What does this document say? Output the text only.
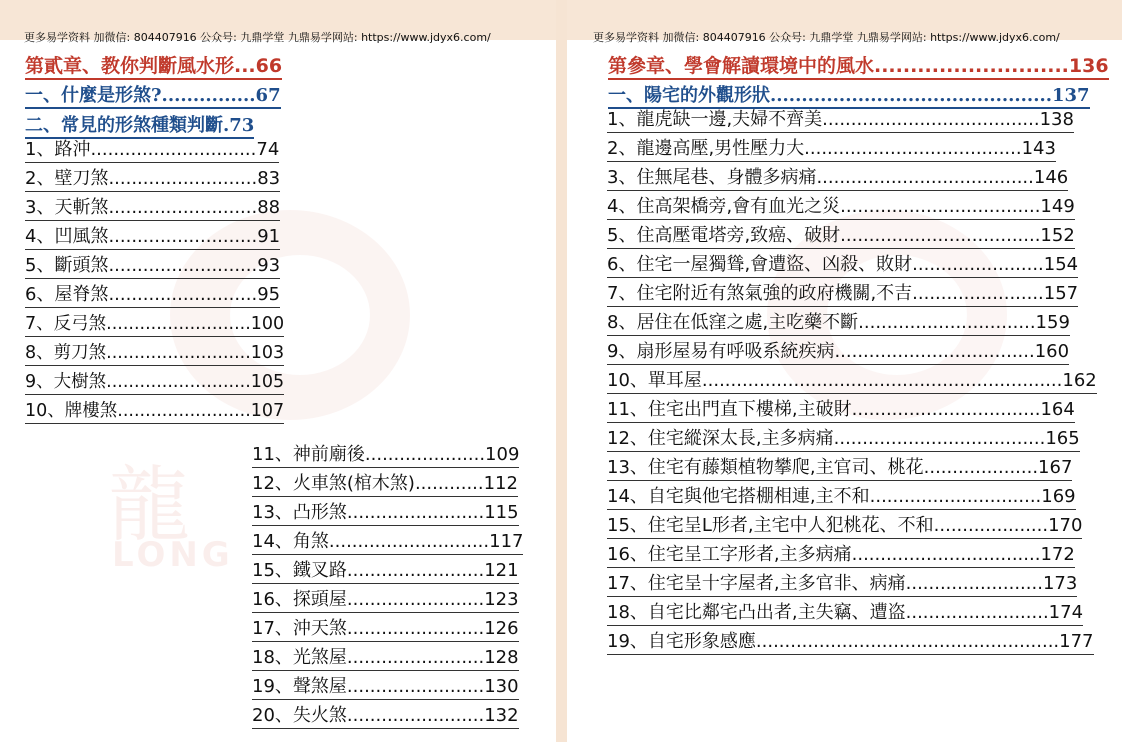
龍
LONG
更多易学资料 加微信: 804407916 公众号: 九鼎学堂 九鼎易学网站: https://www.jdyx6.com/
第貳章、教你判斷風水形...66
一、什麼是形煞?...............67
二、常見的形煞種類判斷.73
1、路沖.............................74
2、壁刀煞..........................83
3、天斬煞..........................88
4、凹風煞..........................91
5、斷頭煞..........................93
6、屋脊煞..........................95
7、反弓煞..........................100
8、剪刀煞..........................103
9、大樹煞..........................105
10、牌樓煞........................107
11、神前廟後.....................109
12、火車煞(棺木煞)............112
13、凸形煞........................115
14、角煞............................117
15、鐵叉路........................121
16、探頭屋........................123
17、沖天煞........................126
18、光煞屋........................128
19、聲煞屋........................130
20、失火煞........................132
更多易学资料 加微信: 804407916 公众号: 九鼎学堂 九鼎易学网站: https://www.jdyx6.com/
第參章、學會解讀環境中的風水...........................136
一、陽宅的外觀形狀.............................................137
1、龍虎缺一邊,夫婦不齊美......................................138
2、龍邊高壓,男性壓力大......................................143
3、住無尾巷、身體多病痛......................................146
4、住高架橋旁,會有血光之災...................................149
5、住高壓電塔旁,致癌、破財...................................152
6、住宅一屋獨聳,會遭盜、凶殺、敗財.......................154
7、住宅附近有煞氣強的政府機關,不吉.......................157
8、居住在低窪之處,主吃藥不斷...............................159
9、扇形屋易有呼吸系統疾病...................................160
10、單耳屋...............................................................162
11、住宅出門直下樓梯,主破財.................................164
12、住宅縱深太長,主多病痛.....................................165
13、住宅有藤類植物攀爬,主官司、桃花....................167
14、自宅與他宅搭棚相連,主不和..............................169
15、住宅呈L形者,主宅中人犯桃花、不和....................170
16、住宅呈工字形者,主多病痛.................................172
17、住宅呈十字屋者,主多官非、病痛........................173
18、自宅比鄰宅凸出者,主失竊、遭盗.........................174
19、自宅形象感應.....................................................177
